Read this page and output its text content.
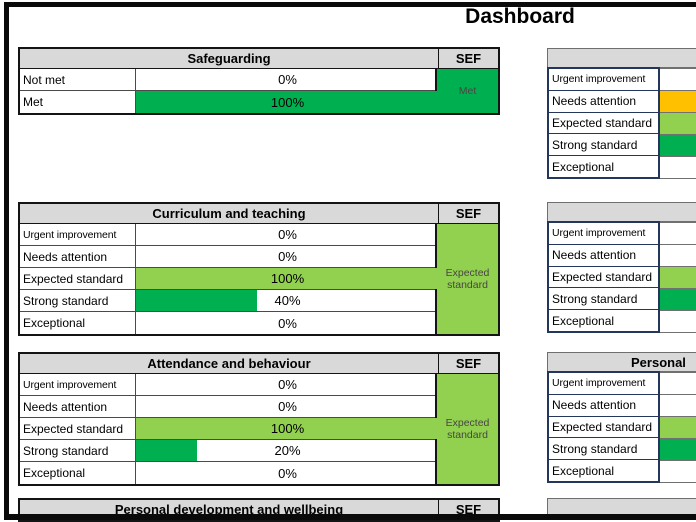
Dashboard
Safeguarding	SEF
Not met	0%
Met	100%
Met
Curriculum and teaching	SEF
Urgent improvement	0%
Needs attention	0%
Expected standard	100%
Strong standard	40%
Exceptional	0%
Expected standard
Attendance and behaviour	SEF
Urgent improvement	0%
Needs attention	0%
Expected standard	100%
Strong standard	20%
Exceptional	0%
Expected standard
Personal development and wellbeing	SEF
Urgent improvement
Needs attention
Expected standard
Strong standard
Exceptional
Urgent improvement
Needs attention
Expected standard
Strong standard
Exceptional
Personal
Urgent improvement
Needs attention
Expected standard
Strong standard
Exceptional
